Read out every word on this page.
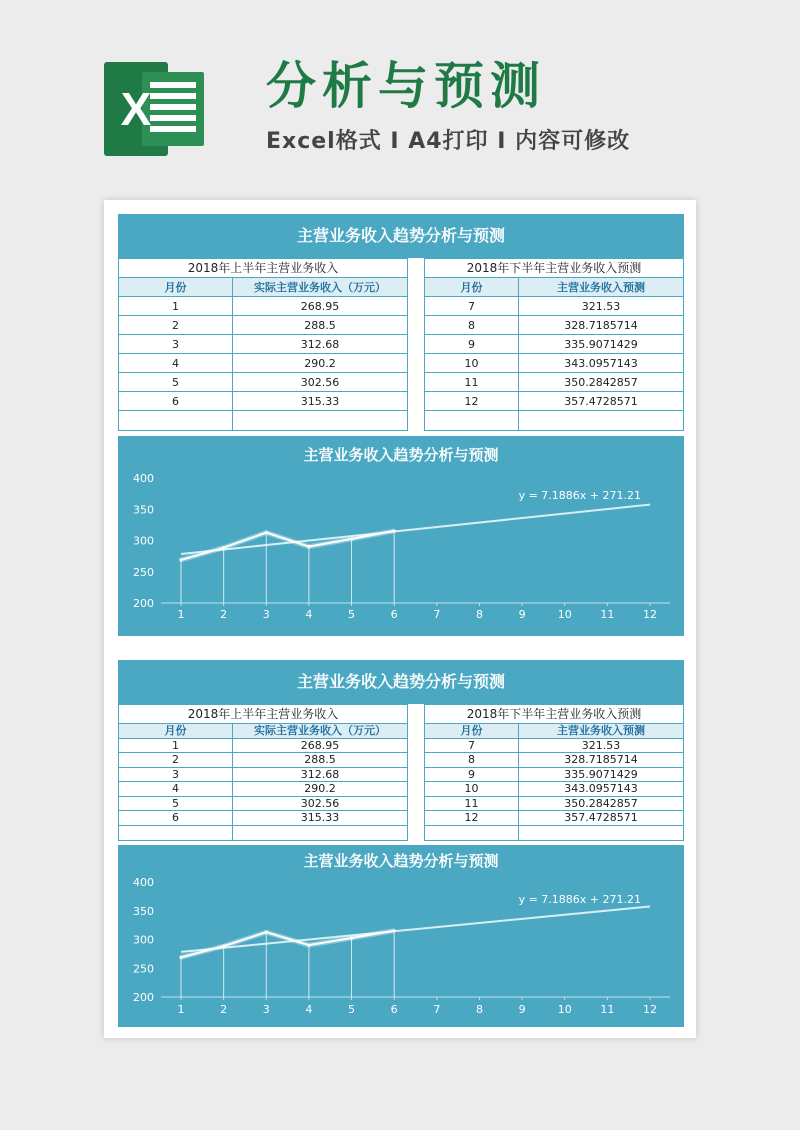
X 分析与预测
Excel格式 I A4打印 I 内容可修改
主营业务收入趋势分析与预测
2018年上半年主营业务收入
月份	实际主营业务收入（万元）
1	268.95
2	288.5
3	312.68
4	290.2
5	302.56
6	315.33
2018年下半年主营业务收入预测
月份	主营业务收入预测
7	321.53
8	328.7185714
9	335.9071429
10	343.0957143
11	350.2842857
12	357.4728571
主营业务收入趋势分析与预测
200
250
300
350
400
1	2	3	4	5	6	7	8	9	10	11	12
y = 7.1886x + 271.21
主营业务收入趋势分析与预测
2018年上半年主营业务收入
月份	实际主营业务收入（万元）
1	268.95
2	288.5
3	312.68
4	290.2
5	302.56
6	315.33
2018年下半年主营业务收入预测
月份	主营业务收入预测
7	321.53
8	328.7185714
9	335.9071429
10	343.0957143
11	350.2842857
12	357.4728571
主营业务收入趋势分析与预测
200
250
300
350
400
1	2	3	4	5	6	7	8	9	10	11	12
y = 7.1886x + 271.21
